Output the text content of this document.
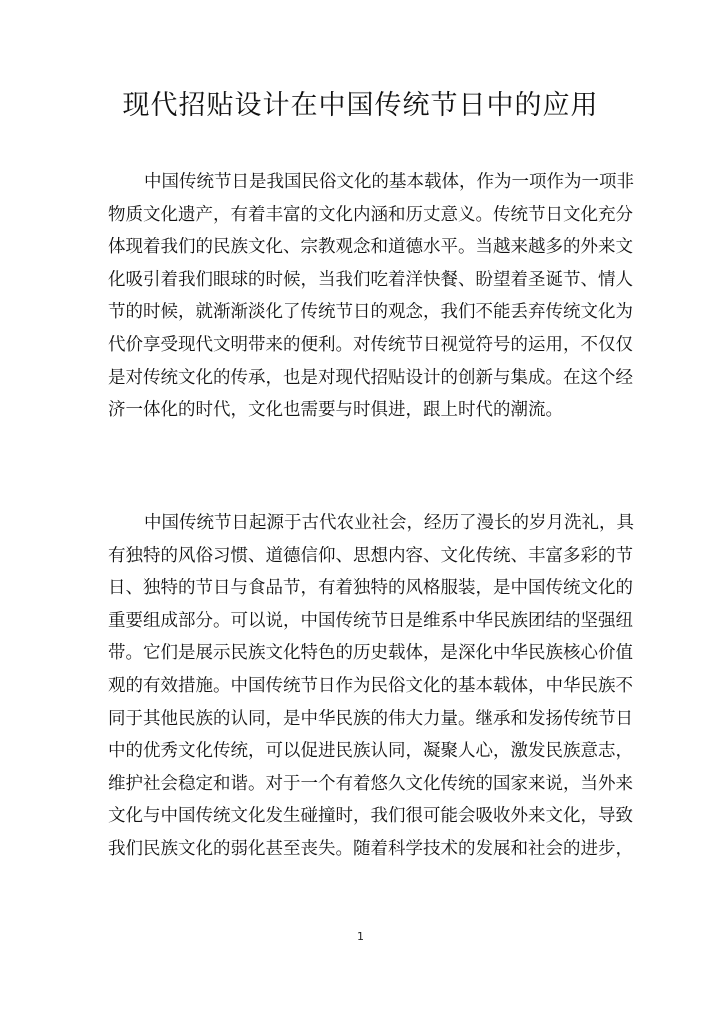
现代招贴设计在中国传统节日中的应用
中国传统节日是我国民俗文化的基本载体，作为一项作为一项非
物质文化遗产，有着丰富的文化内涵和历丈意义。传统节日文化充分
体现着我们的民族文化、宗教观念和道德水平。当越来越多的外来文
化吸引着我们眼球的时候，当我们吃着洋快餐、盼望着圣诞节、情人
节的时候，就渐渐淡化了传统节日的观念，我们不能丢弃传统文化为
代价享受现代文明带来的便利。对传统节日视觉符号的运用，不仅仅
是对传统文化的传承，也是对现代招贴设计的创新与集成。在这个经
济一体化的时代，文化也需要与时俱进，跟上时代的潮流。
中国传统节日起源于古代农业社会，经历了漫长的岁月洗礼，具
有独特的风俗习惯、道德信仰、思想内容、文化传统、丰富多彩的节
日、独特的节日与食品节，有着独特的风格服装，是中国传统文化的
重要组成部分。可以说，中国传统节日是维系中华民族团结的坚强纽
带。它们是展示民族文化特色的历史载体，是深化中华民族核心价值
观的有效措施。中国传统节日作为民俗文化的基本载体，中华民族不
同于其他民族的认同，是中华民族的伟大力量。继承和发扬传统节日
中的优秀文化传统，可以促进民族认同，凝聚人心，激发民族意志，
维护社会稳定和谐。对于一个有着悠久文化传统的国家来说，当外来
文化与中国传统文化发生碰撞时，我们很可能会吸收外来文化，导致
我们民族文化的弱化甚至丧失。随着科学技术的发展和社会的进步，
1
